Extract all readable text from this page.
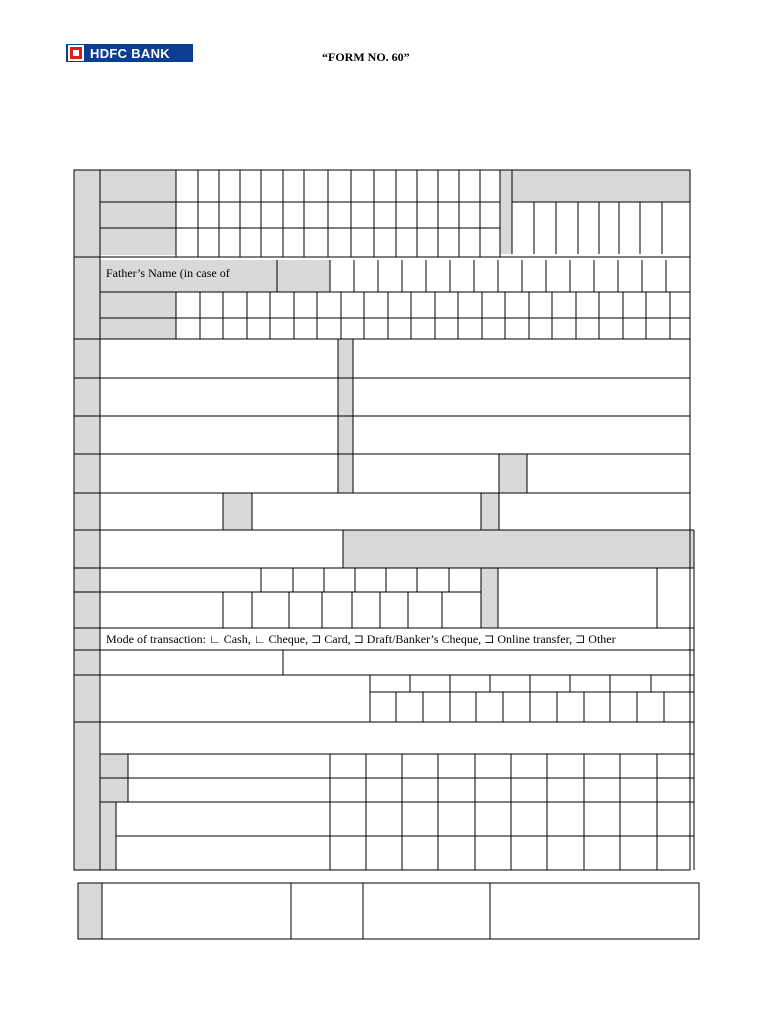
HDFC BANK	“FORM NO. 60”
Father’s Name (in case of
Mode of transaction: ∟ Cash, ∟ Cheque, ⊐ Card, ⊐ Draft/Banker’s Cheque, ⊐ Online transfer, ⊐ Other
